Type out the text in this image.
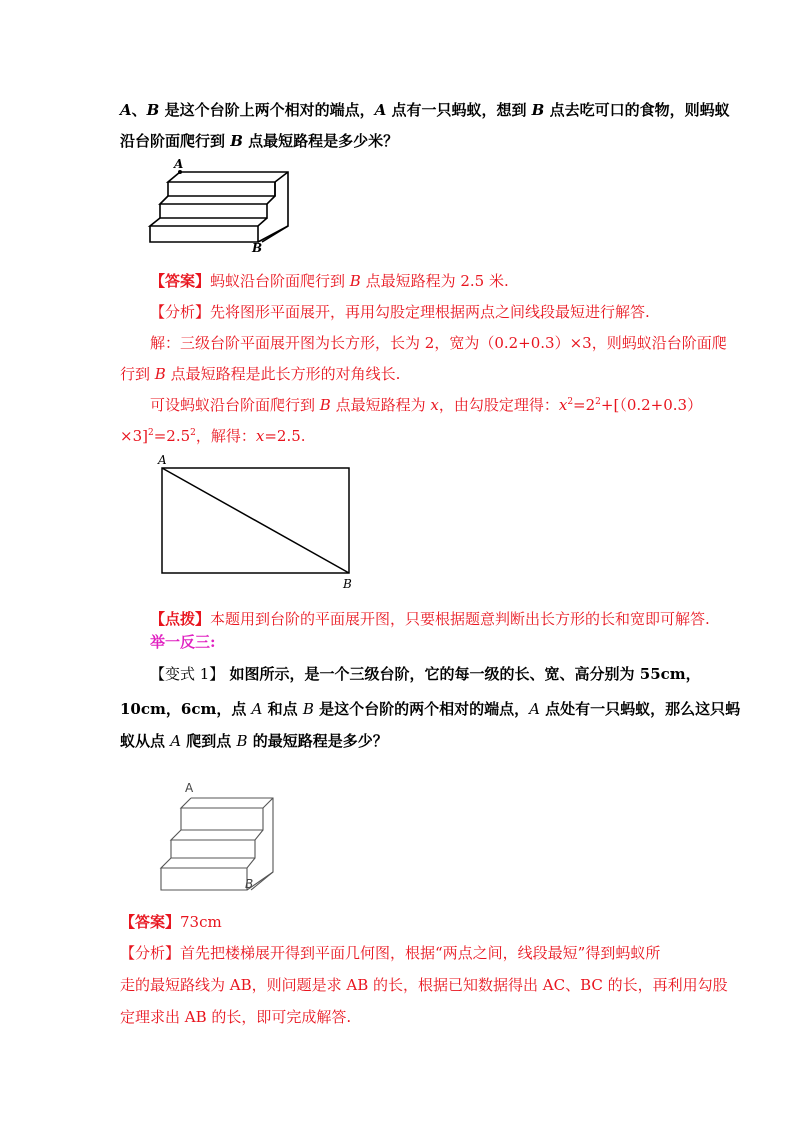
A、B 是这个台阶上两个相对的端点，A 点有一只蚂蚁，想到 B 点去吃可口的食物，则蚂蚁
沿台阶面爬行到 B 点最短路程是多少米？
A
B
【答案】蚂蚁沿台阶面爬行到 B 点最短路程为 2.5 米.
【分析】先将图形平面展开，再用勾股定理根据两点之间线段最短进行解答.
解：三级台阶平面展开图为长方形，长为 2，宽为（0.2+0.3）×3，则蚂蚁沿台阶面爬
行到 B 点最短路程是此长方形的对角线长.
可设蚂蚁沿台阶面爬行到 B 点最短路程为 x，由勾股定理得：$x^2=2^2+[(0.2+0.3)$
$\times 3]^2=2.5^2$，解得：x=2.5.
A
B
【点拨】本题用到台阶的平面展开图，只要根据题意判断出长方形的长和宽即可解答.
举一反三:
【变式 1】 如图所示，是一个三级台阶，它的每一级的长、宽、高分别为 55cm，
10cm，6cm，点 A 和点 B 是这个台阶的两个相对的端点，A 点处有一只蚂蚁，那么这只蚂
蚁从点 A 爬到点 B 的最短路程是多少？
A
B
【答案】73cm
【分析】首先把楼梯展开得到平面几何图，根据“两点之间，线段最短”得到蚂蚁所
走的最短路线为 AB，则问题是求 AB 的长，根据已知数据得出 AC、BC 的长，再利用勾股
定理求出 AB 的长，即可完成解答.
